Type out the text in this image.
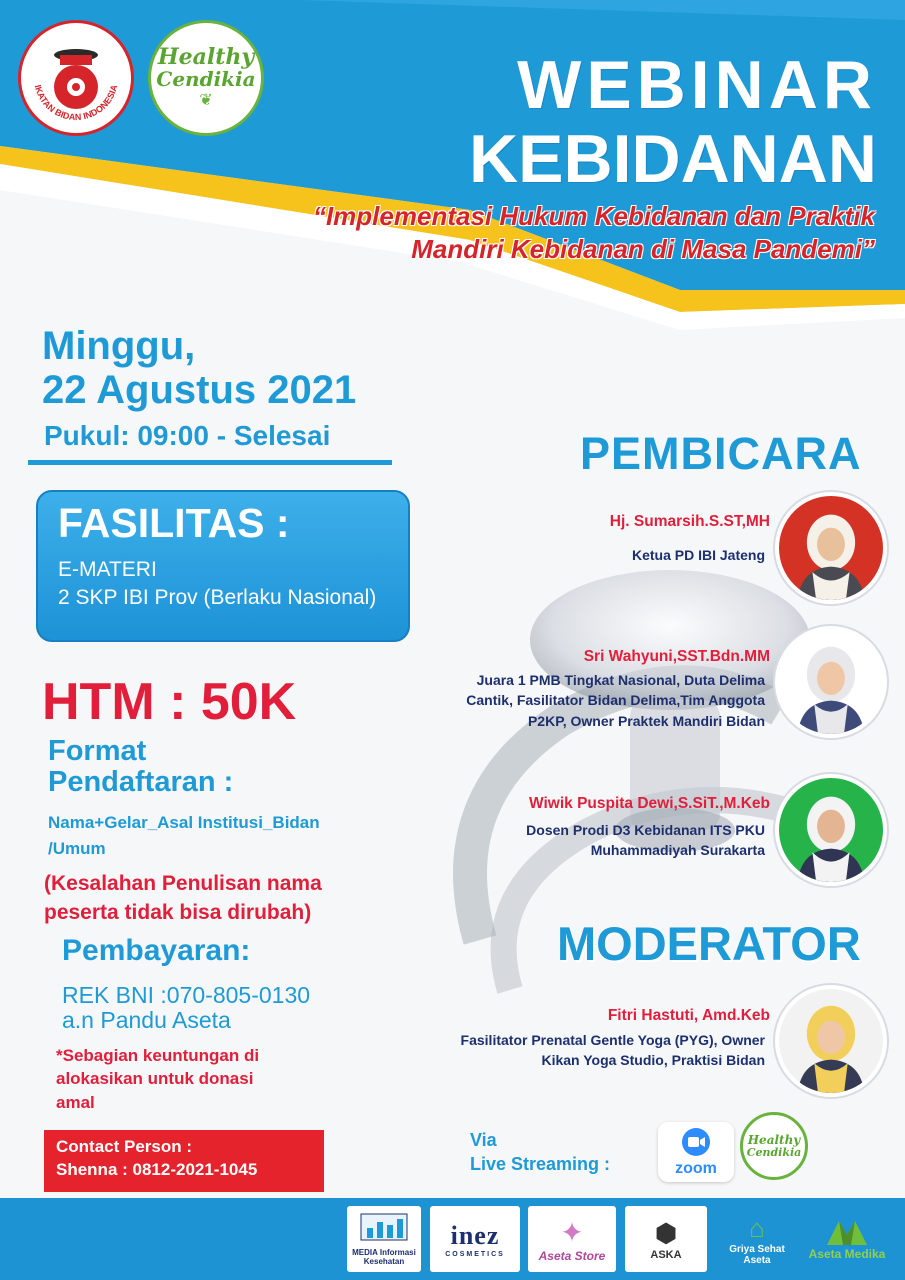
IKATAN BIDAN INDONESIA
Healthy
Cendikia
❦	WEBINAR
KEBIDANAN
“Implementasi Hukum Kebidanan dan Praktik
Mandiri Kebidanan di Masa Pandemi”
Minggu,
22 Agustus 2021
Pukul: 09:00 - Selesai
FASILITAS :
E-MATERI
2 SKP IBI Prov (Berlaku Nasional)
HTM : 50K
Format
Pendaftaran :
Nama+Gelar_Asal Institusi_Bidan
/Umum
(Kesalahan Penulisan nama
peserta tidak bisa dirubah)
Pembayaran:
REK BNI :070-805-0130
a.n Pandu Aseta
*Sebagian keuntungan di
alokasikan untuk donasi
amal
Contact Person :
Shenna : 0812-2021-1045
PEMBICARA
Hj. Sumarsih.S.ST,MH
Ketua PD IBI Jateng
Sri Wahyuni,SST.Bdn.MM
Juara 1 PMB Tingkat Nasional, Duta Delima Cantik, Fasilitator Bidan Delima,Tim Anggota P2KP, Owner Praktek Mandiri Bidan
Wiwik Puspita Dewi,S.SiT.,M.Keb
Dosen Prodi D3 Kebidanan ITS PKU Muhammadiyah Surakarta
MODERATOR
Fitri Hastuti, Amd.Keb
Fasilitator Prenatal Gentle Yoga (PYG), Owner Kikan Yoga Studio, Praktisi Bidan
Via
Live Streaming :	zoom
Healthy
Cendikia
MEDIA Informasi Kesehatan
inez
COSMETICS
✦
Aseta Store
⬢
ASKA
⌂
Griya Sehat Aseta	Aseta Medika
